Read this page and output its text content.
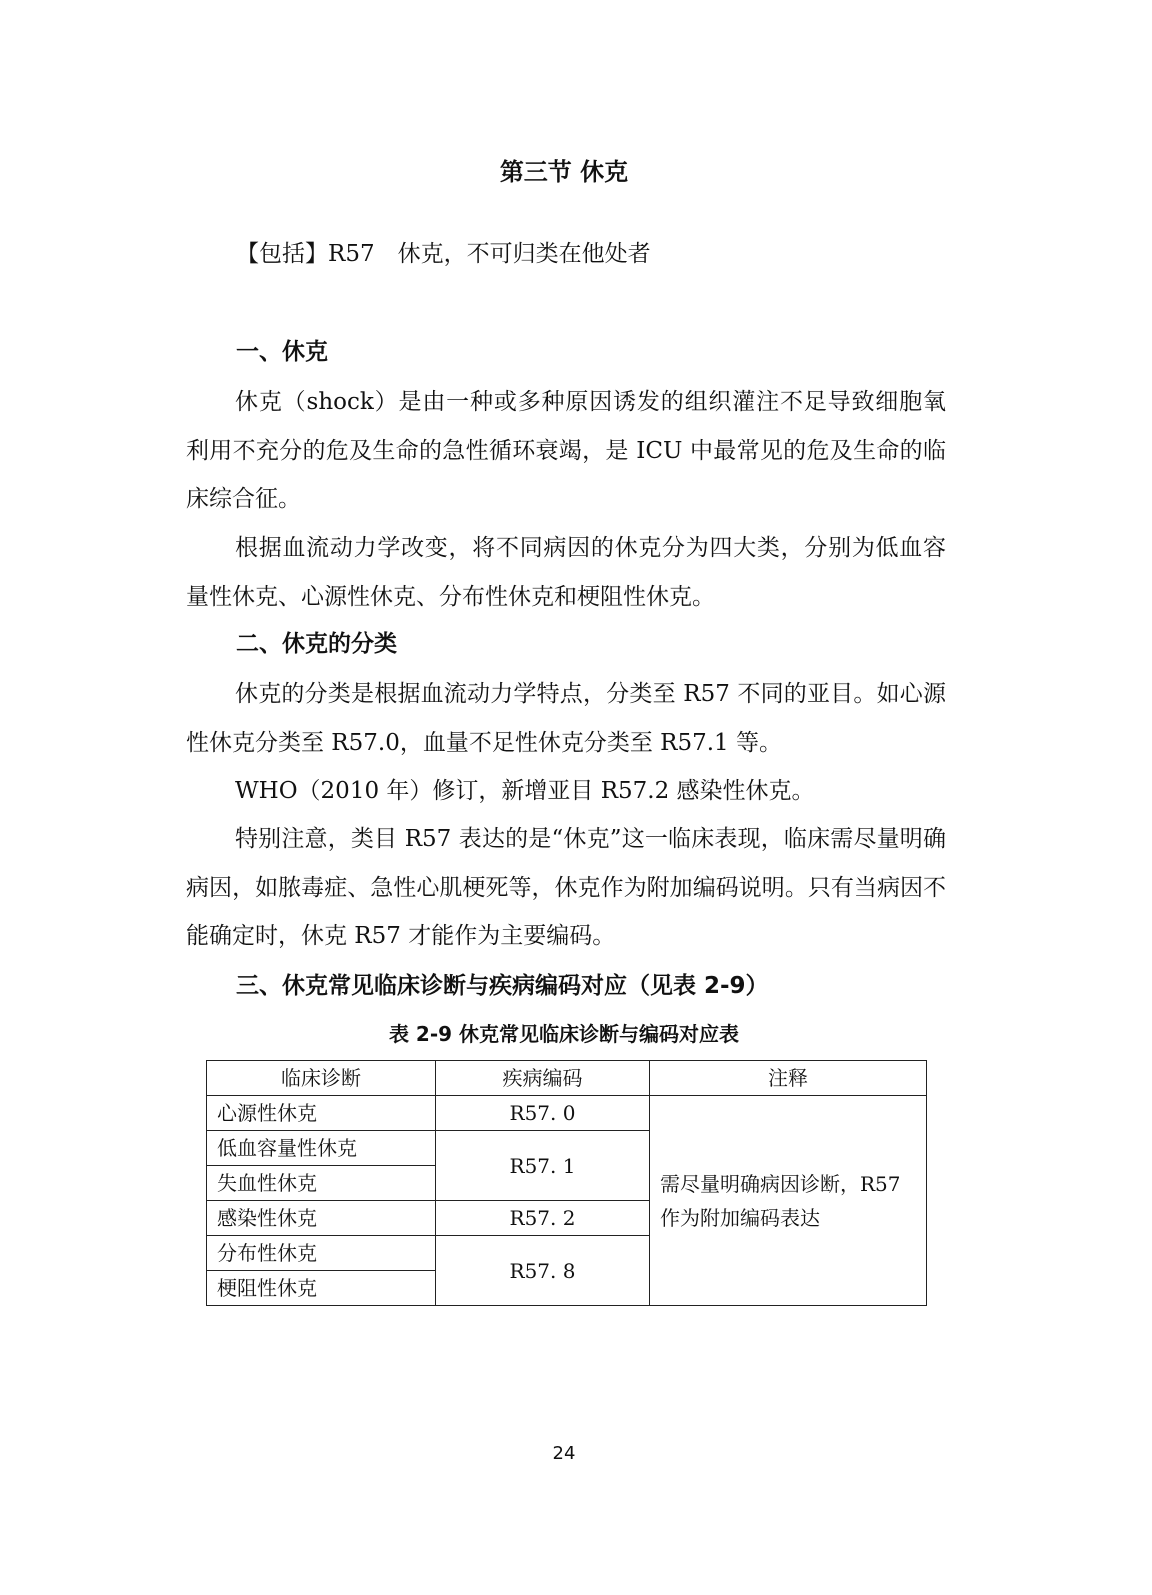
第三节 休克
【包括】R57　休克，不可归类在他处者
一、休克

休克（shock）是由一种或多种原因诱发的组织灌注不足导致细胞氧利用不充分的危及生命的急性循环衰竭，是 ICU 中最常见的危及生命的临床综合征。

根据血流动力学改变，将不同病因的休克分为四大类，分别为低血容量性休克、心源性休克、分布性休克和梗阻性休克。

二、休克的分类

休克的分类是根据血流动力学特点，分类至 R57 不同的亚目。如心源性休克分类至 R57.0，血量不足性休克分类至 R57.1 等。

WHO（2010 年）修订，新增亚目 R57.2 感染性休克。

特别注意，类目 R57 表达的是“休克”这一临床表现，临床需尽量明确病因，如脓毒症、急性心肌梗死等，休克作为附加编码说明。只有当病因不能确定时，休克 R57 才能作为主要编码。

三、休克常见临床诊断与疾病编码对应（见表 2-9）
表 2-9 休克常见临床诊断与编码对应表
临床诊断	疾病编码	注释
心源性休克	R57. 0	需尽量明确病因诊断，R57 作为附加编码表达
低血容量性休克	R57. 1	
失血性休克		
感染性休克	R57. 2	
分布性休克	R57. 8	
梗阻性休克		
24
